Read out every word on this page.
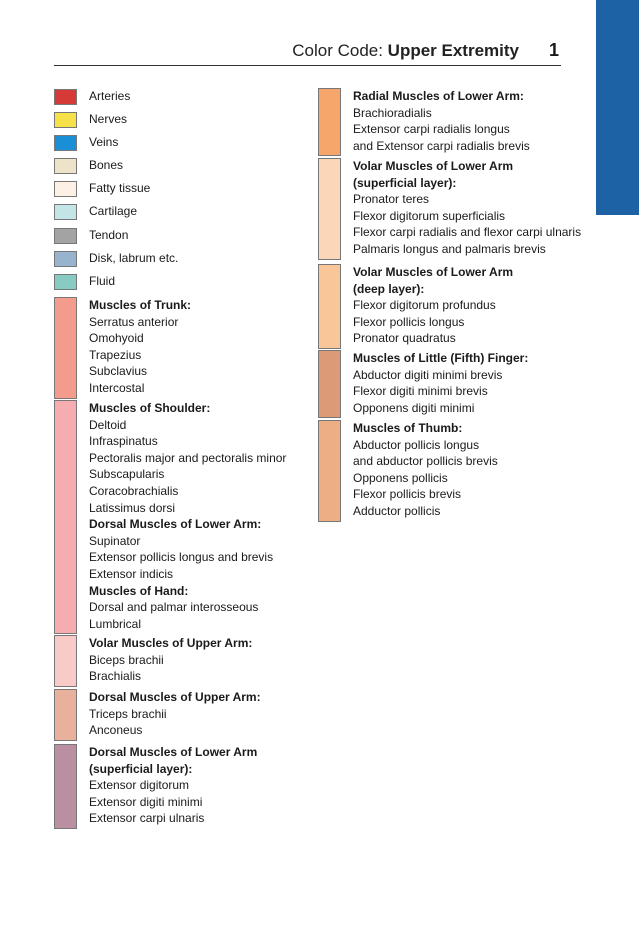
Color Code: Upper Extremity 1
Arteries
Nerves
Veins
Bones
Fatty tissue
Cartilage
Tendon
Disk, labrum etc.
Fluid
Muscles of Trunk:
Serratus anterior
Omohyoid
Trapezius
Subclavius
Intercostal
Muscles of Shoulder:
Deltoid
Infraspinatus
Pectoralis major and pectoralis minor
Subscapularis
Coracobrachialis
Latissimus dorsi
Dorsal Muscles of Lower Arm:
Supinator
Extensor pollicis longus and brevis
Extensor indicis
Muscles of Hand:
Dorsal and palmar interosseous
Lumbrical
Volar Muscles of Upper Arm:
Biceps brachii
Brachialis
Dorsal Muscles of Upper Arm:
Triceps brachii
Anconeus
Dorsal Muscles of Lower Arm
(superficial layer):
Extensor digitorum
Extensor digiti minimi
Extensor carpi ulnaris
Radial Muscles of Lower Arm:
Brachioradialis
Extensor carpi radialis longus
and Extensor carpi radialis brevis
Volar Muscles of Lower Arm
(superficial layer):
Pronator teres
Flexor digitorum superficialis
Flexor carpi radialis and flexor carpi ulnaris
Palmaris longus and palmaris brevis
Volar Muscles of Lower Arm
(deep layer):
Flexor digitorum profundus
Flexor pollicis longus
Pronator quadratus
Muscles of Little (Fifth) Finger:
Abductor digiti minimi brevis
Flexor digiti minimi brevis
Opponens digiti minimi
Muscles of Thumb:
Abductor pollicis longus
and abductor pollicis brevis
Opponens pollicis
Flexor pollicis brevis
Adductor pollicis
